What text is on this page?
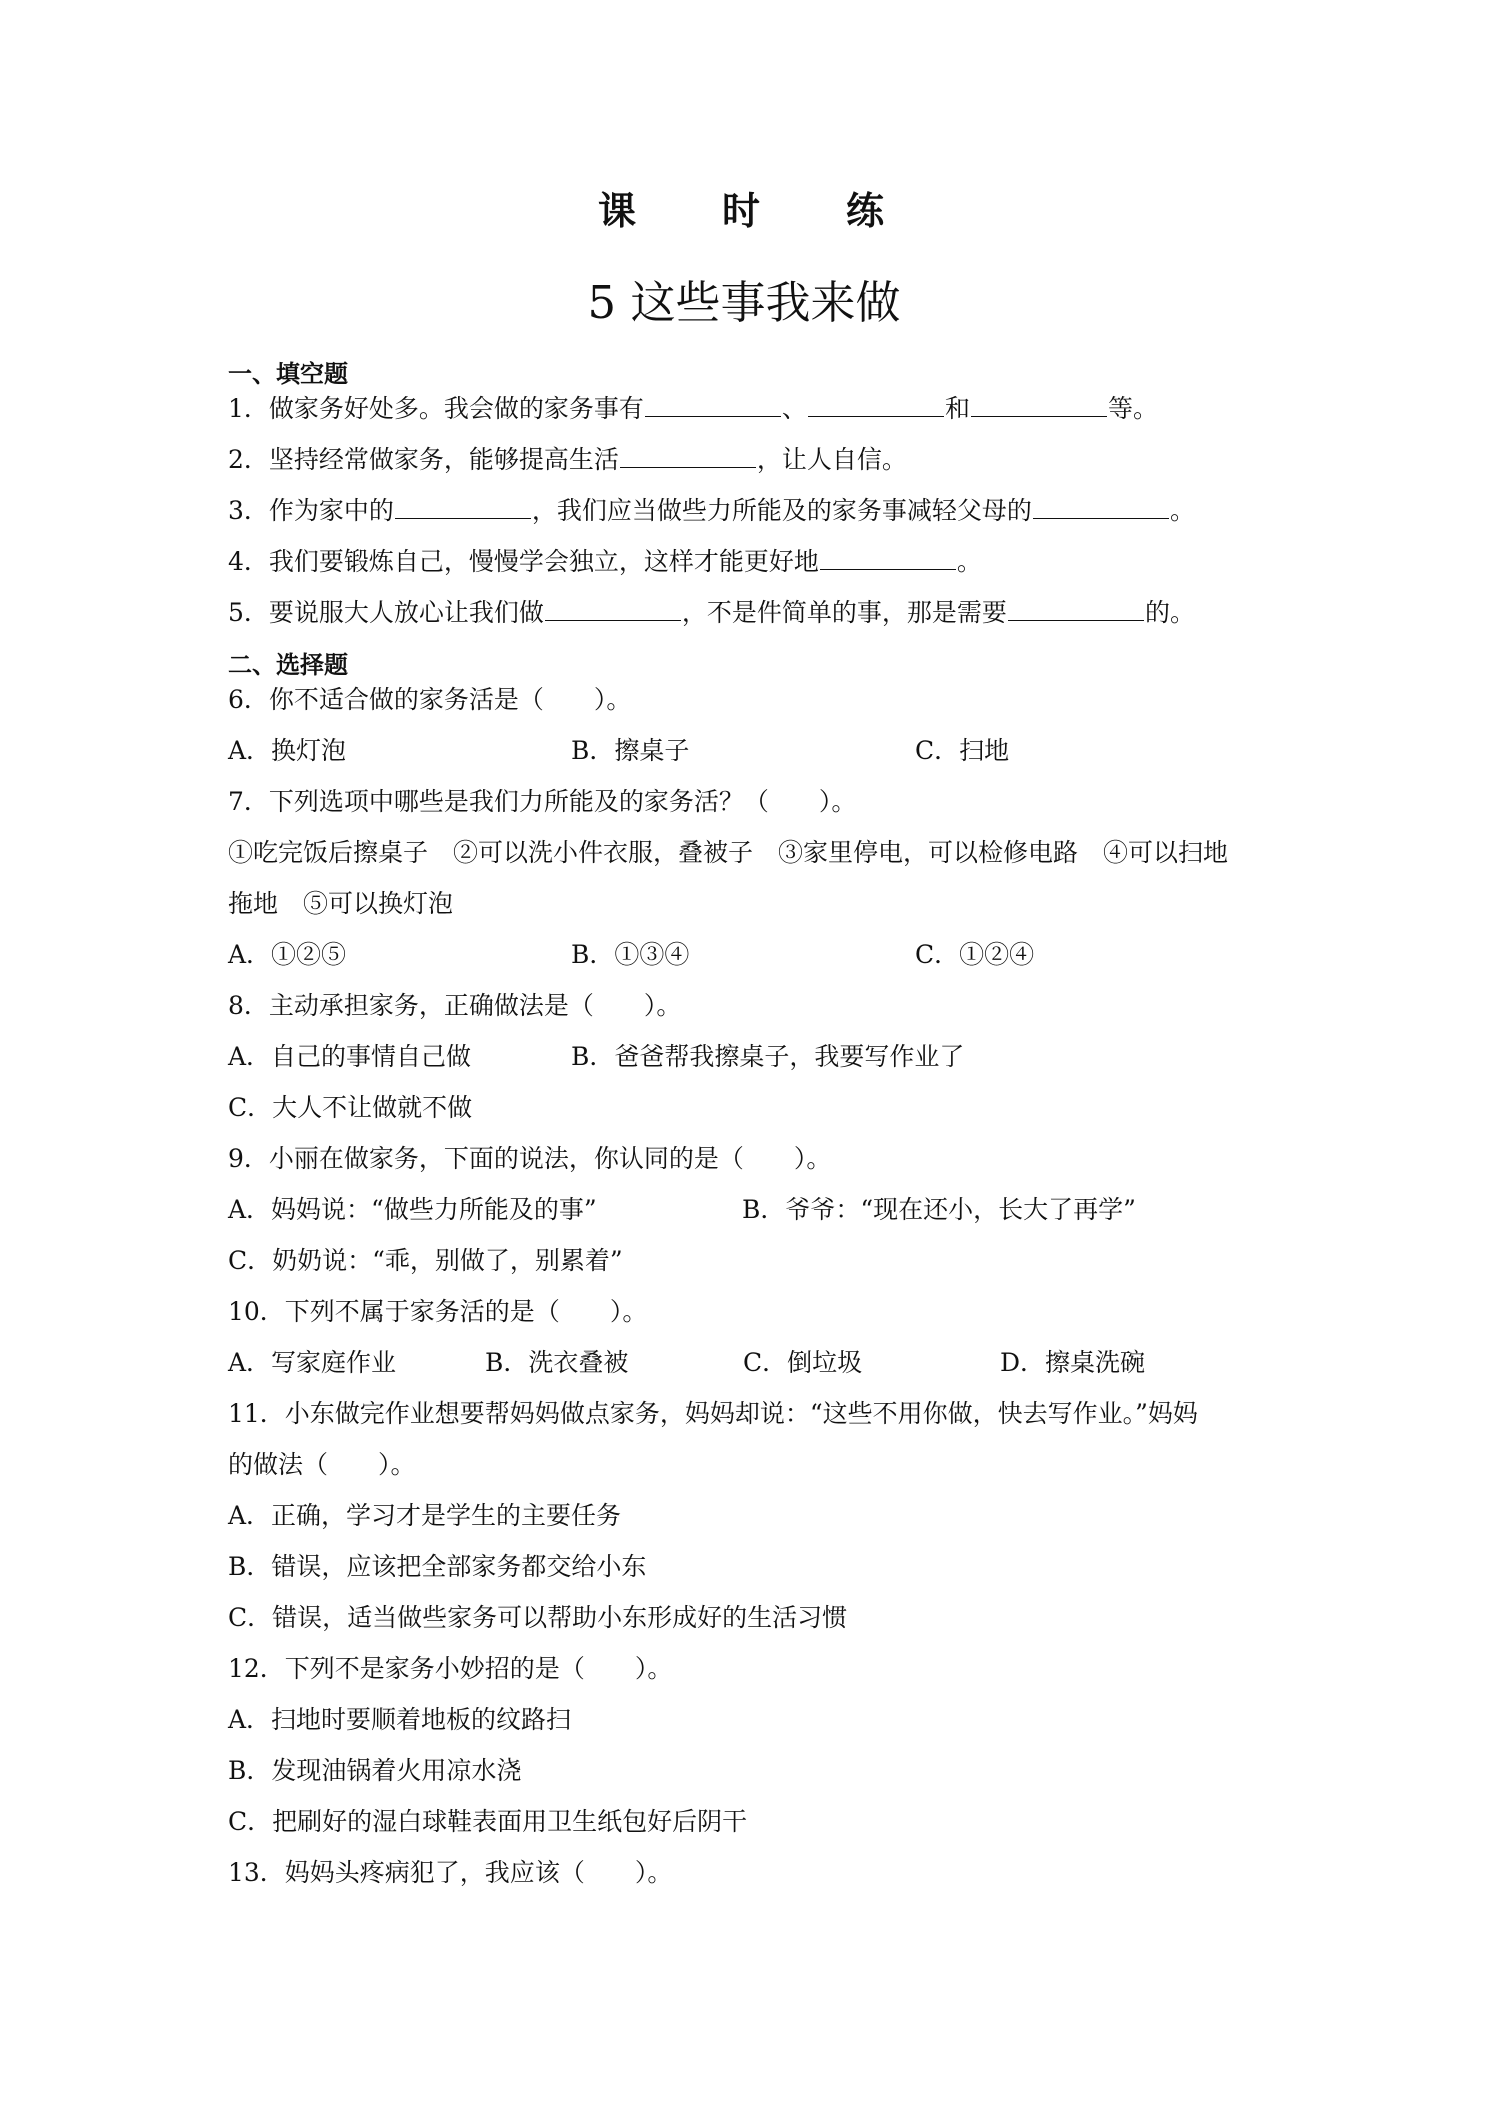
课　时　练
5 这些事我来做
一、填空题
1．做家务好处多。我会做的家务事有	、	和	等。
2．坚持经常做家务，能够提高生活	，让人自信。
3．作为家中的	，我们应当做些力所能及的家务事减轻父母的	。
4．我们要锻炼自己，慢慢学会独立，这样才能更好地	。
5．要说服大人放心让我们做	，不是件简单的事，那是需要	的。
二、选择题
6．你不适合做的家务活是（　　）。
A．换灯泡	B．擦桌子	C．扫地
7．下列选项中哪些是我们力所能及的家务活？（　　）。
①吃完饭后擦桌子　②可以洗小件衣服，叠被子　③家里停电，可以检修电路　④可以扫地
拖地　⑤可以换灯泡
A．①②⑤	B．①③④	C．①②④
8．主动承担家务，正确做法是（　　）。
A．自己的事情自己做	B．爸爸帮我擦桌子，我要写作业了
C．大人不让做就不做
9．小丽在做家务，下面的说法，你认同的是（　　）。
A．妈妈说：“做些力所能及的事”	B．爷爷：“现在还小，长大了再学”
C．奶奶说：“乖，别做了，别累着”
10．下列不属于家务活的是（　　）。
A．写家庭作业	B．洗衣叠被	C．倒垃圾	D．擦桌洗碗
11．小东做完作业想要帮妈妈做点家务，妈妈却说：“这些不用你做，快去写作业。”妈妈
的做法（　　）。
A．正确，学习才是学生的主要任务
B．错误，应该把全部家务都交给小东
C．错误，适当做些家务可以帮助小东形成好的生活习惯
12．下列不是家务小妙招的是（　　）。
A．扫地时要顺着地板的纹路扫
B．发现油锅着火用凉水浇
C．把刷好的湿白球鞋表面用卫生纸包好后阴干
13．妈妈头疼病犯了，我应该（　　）。
